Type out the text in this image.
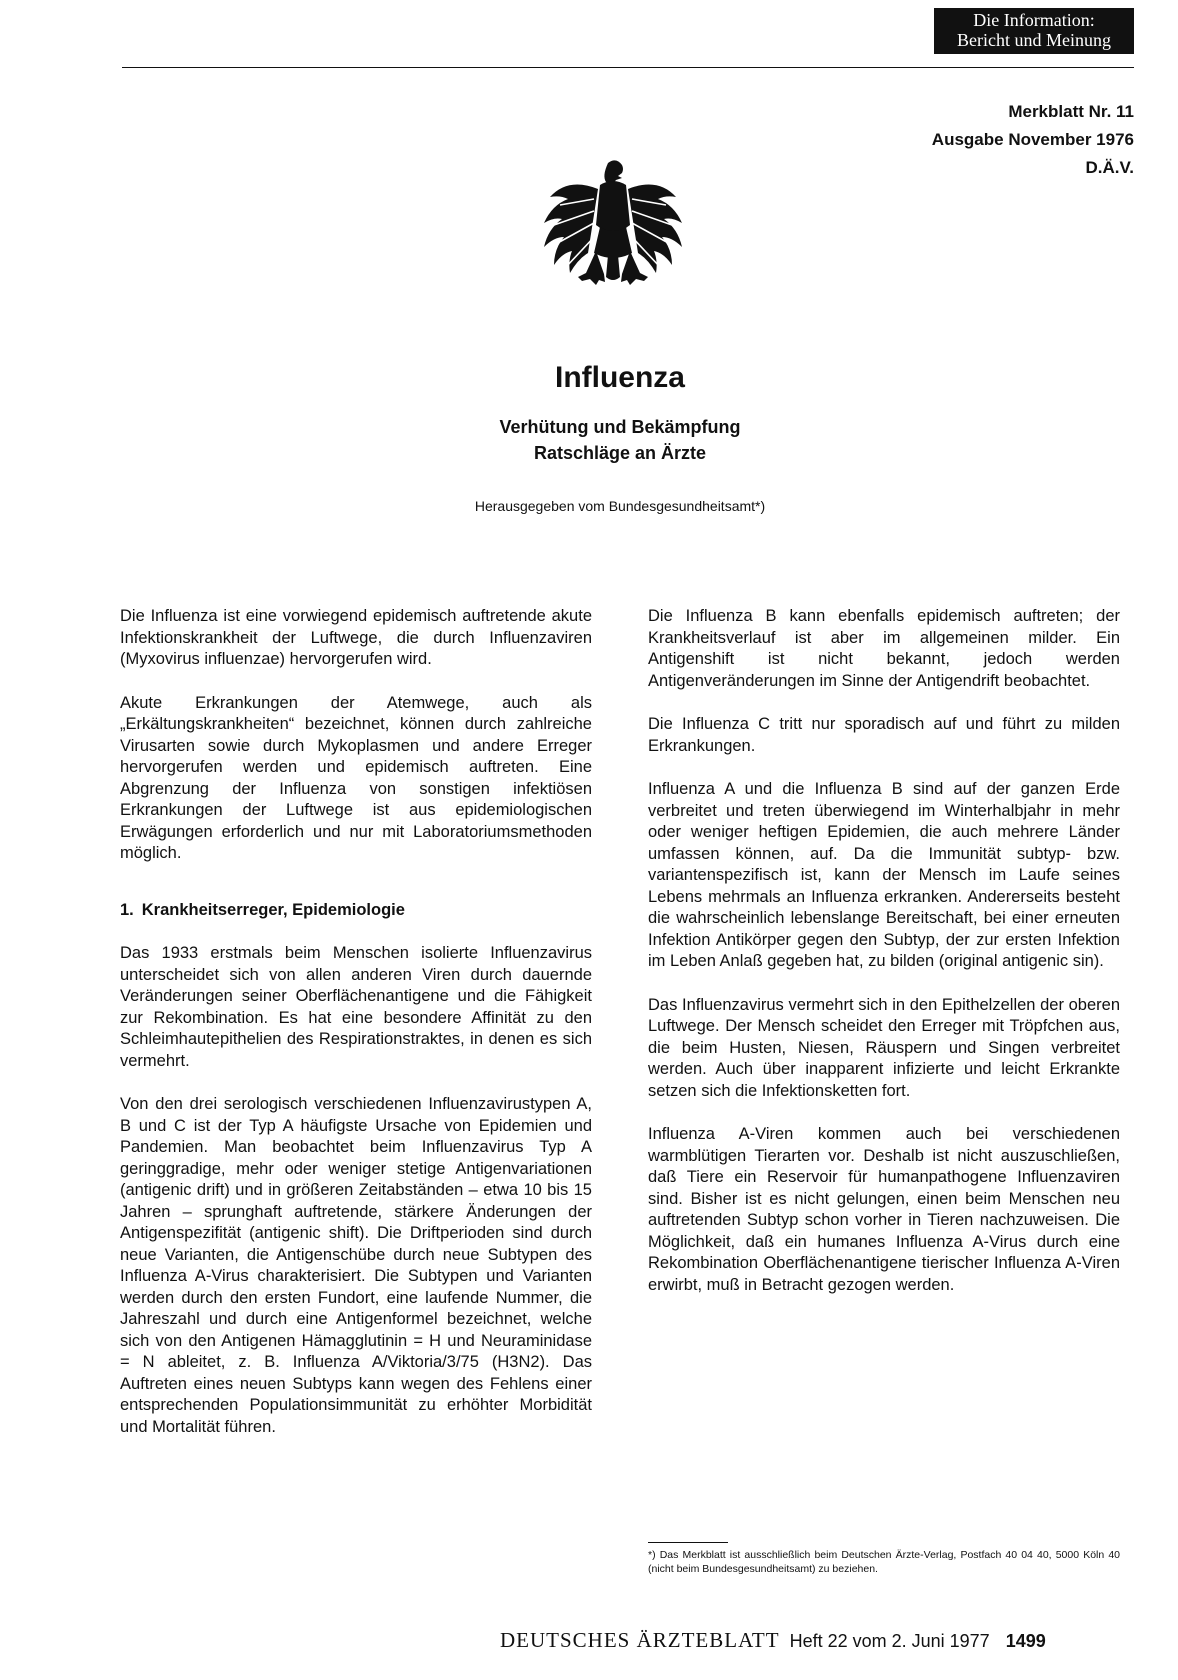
Die Information:
Bericht und Meinung
Merkblatt Nr. 11
Ausgabe November 1976
D.Ä.V.
Influenza
Verhütung und Bekämpfung
Ratschläge an Ärzte
Herausgegeben vom Bundesgesundheitsamt*)

Die Influenza ist eine vorwiegend epidemisch auftretende akute Infektionskrankheit der Luftwege, die durch Influenzaviren (Myxovirus influenzae) hervorgerufen wird.

Akute Erkrankungen der Atemwege, auch als „Erkältungskrankheiten“ bezeichnet, können durch zahlreiche Virusarten sowie durch Mykoplasmen und andere Erreger hervorgerufen werden und epidemisch auftreten. Eine Abgrenzung der Influenza von sonstigen infektiösen Erkrankungen der Luftwege ist aus epidemiologischen Erwägungen erforderlich und nur mit Laboratoriumsmethoden möglich.

1. Krankheitserreger, Epidemiologie

Das 1933 erstmals beim Menschen isolierte Influenzavirus unterscheidet sich von allen anderen Viren durch dauernde Veränderungen seiner Oberflächenantigene und die Fähigkeit zur Rekombination. Es hat eine besondere Affinität zu den Schleimhautepithelien des Respirationstraktes, in denen es sich vermehrt.

Von den drei serologisch verschiedenen Influenzavirustypen A, B und C ist der Typ A häufigste Ursache von Epidemien und Pandemien. Man beobachtet beim Influenzavirus Typ A geringgradige, mehr oder weniger stetige Antigenvariationen (antigenic drift) und in größeren Zeitabständen – etwa 10 bis 15 Jahren – sprunghaft auftretende, stärkere Änderungen der Antigenspezifität (antigenic shift). Die Driftperioden sind durch neue Varianten, die Antigenschübe durch neue Subtypen des Influenza A-Virus charakterisiert. Die Subtypen und Varianten werden durch den ersten Fundort, eine laufende Nummer, die Jahreszahl und durch eine Antigenformel bezeichnet, welche sich von den Antigenen Hämagglutinin = H und Neuraminidase = N ableitet, z. B. Influenza A/Viktoria/3/75 (H3N2). Das Auftreten eines neuen Subtyps kann wegen des Fehlens einer entsprechenden Populationsimmunität zu erhöhter Morbidität und Mortalität führen.

Die Influenza B kann ebenfalls epidemisch auftreten; der Krankheitsverlauf ist aber im allgemeinen milder. Ein Antigenshift ist nicht bekannt, jedoch werden Antigenveränderungen im Sinne der Antigendrift beobachtet.

Die Influenza C tritt nur sporadisch auf und führt zu milden Erkrankungen.

Influenza A und die Influenza B sind auf der ganzen Erde verbreitet und treten überwiegend im Winterhalbjahr in mehr oder weniger heftigen Epidemien, die auch mehrere Länder umfassen können, auf. Da die Immunität subtyp- bzw. variantenspezifisch ist, kann der Mensch im Laufe seines Lebens mehrmals an Influenza erkranken. Andererseits besteht die wahrscheinlich lebenslange Bereitschaft, bei einer erneuten Infektion Antikörper gegen den Subtyp, der zur ersten Infektion im Leben Anlaß gegeben hat, zu bilden (original antigenic sin).

Das Influenzavirus vermehrt sich in den Epithelzellen der oberen Luftwege. Der Mensch scheidet den Erreger mit Tröpfchen aus, die beim Husten, Niesen, Räuspern und Singen verbreitet werden. Auch über inapparent infizierte und leicht Erkrankte setzen sich die Infektionsketten fort.

Influenza A-Viren kommen auch bei verschiedenen warmblütigen Tierarten vor. Deshalb ist nicht auszuschließen, daß Tiere ein Reservoir für humanpathogene Influenzaviren sind. Bisher ist es nicht gelungen, einen beim Menschen neu auftretenden Subtyp schon vorher in Tieren nachzuweisen. Die Möglichkeit, daß ein humanes Influenza A-Virus durch eine Rekombination Oberflächenantigene tierischer Influenza A-Viren erwirbt, muß in Betracht gezogen werden.

*) Das Merkblatt ist ausschließlich beim Deutschen Ärzte-Verlag, Postfach 40 04 40, 5000 Köln 40 (nicht beim Bundesgesundheitsamt) zu beziehen.
DEUTSCHES ÄRZTEBLATT Heft 22 vom 2. Juni 1977 1499
